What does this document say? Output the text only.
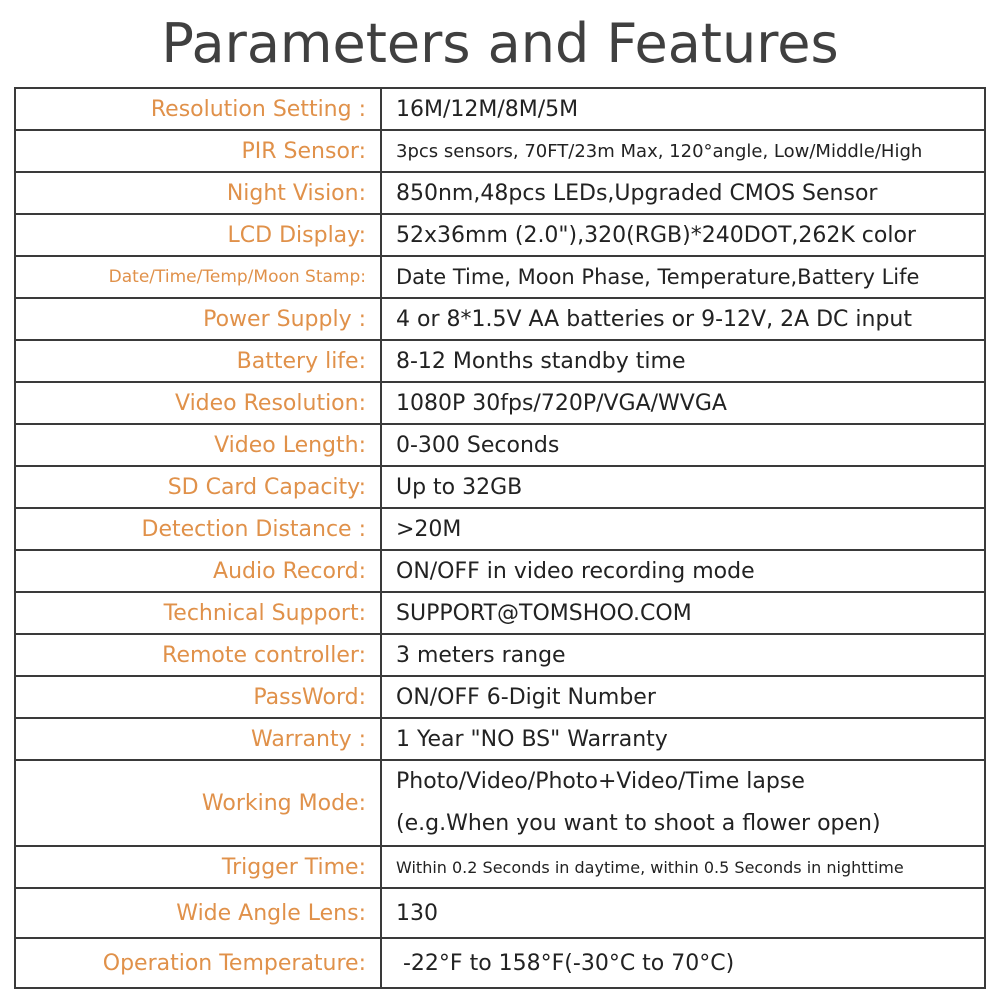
Parameters and Features
Resolution Setting :	16M/12M/8M/5M
PIR Sensor:	3pcs sensors, 70FT/23m Max, 120°angle, Low/Middle/High
Night Vision:	850nm,48pcs LEDs,Upgraded CMOS Sensor
LCD Display:	52x36mm (2.0"),320(RGB)*240DOT,262K color
Date/Time/Temp/Moon Stamp:	Date Time, Moon Phase, Temperature,Battery Life
Power Supply :	4 or 8*1.5V AA batteries or 9-12V, 2A DC input
Battery life:	8-12 Months standby time
Video Resolution:	1080P 30fps/720P/VGA/WVGA
Video Length:	0-300 Seconds
SD Card Capacity:	Up to 32GB
Detection Distance :	>20M
Audio Record:	ON/OFF in video recording mode
Technical Support:	SUPPORT@TOMSHOO.COM
Remote controller:	3 meters range
PassWord:	ON/OFF 6-Digit Number
Warranty :	1 Year "NO BS" Warranty
Working Mode:	Photo/Video/Photo+Video/Time lapse
(e.g.When you want to shoot a flower open)

Trigger Time:	Within 0.2 Seconds in daytime, within 0.5 Seconds in nighttime
Wide Angle Lens:	130
Operation Temperature:	-22°F to 158°F(-30°C to 70°C)
